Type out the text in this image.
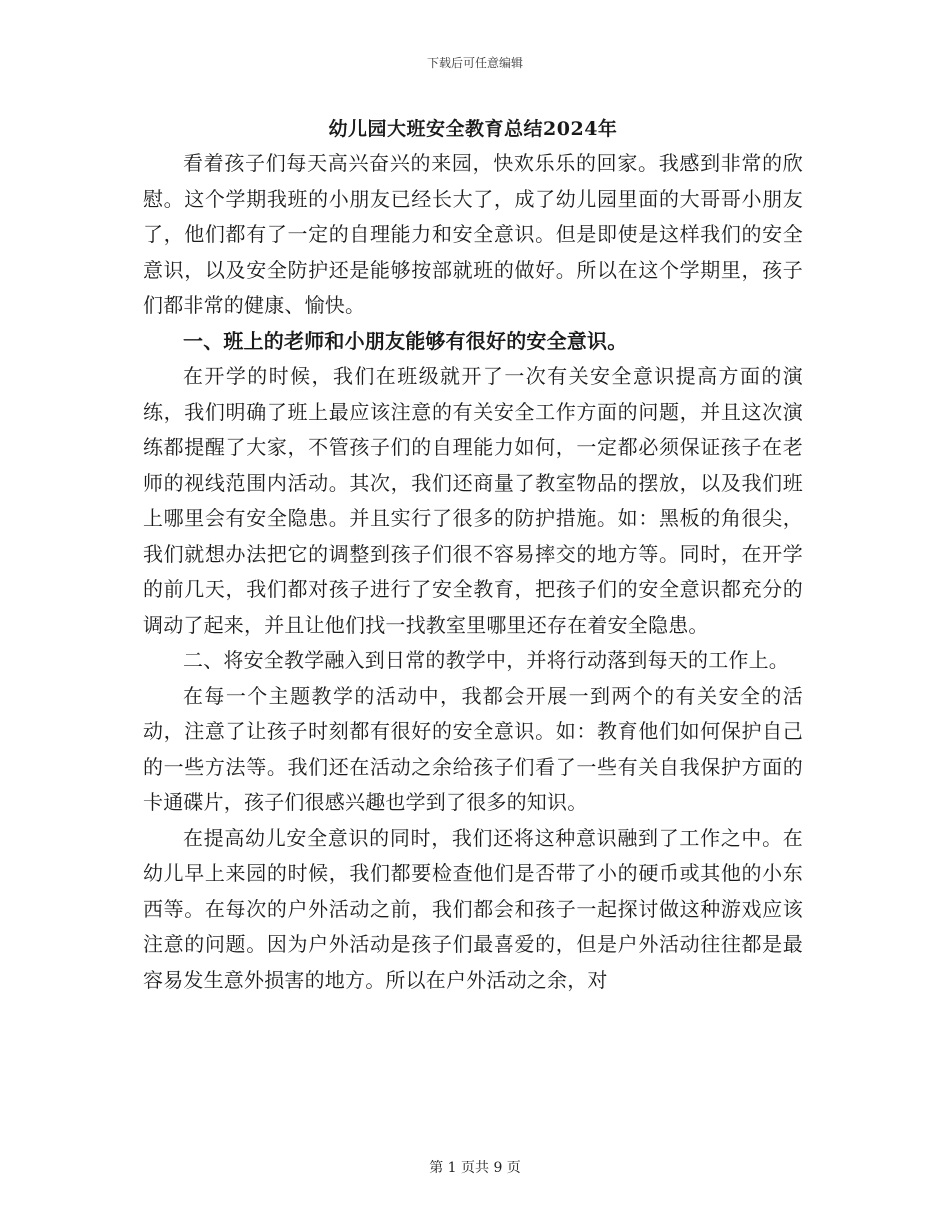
下载后可任意编辑
幼儿园大班安全教育总结2024年

看着孩子们每天高兴奋兴的来园，快欢乐乐的回家。我感到非常的欣慰。这个学期我班的小朋友已经长大了，成了幼儿园里面的大哥哥小朋友了，他们都有了一定的自理能力和安全意识。但是即使是这样我们的安全意识，以及安全防护还是能够按部就班的做好。所以在这个学期里，孩子们都非常的健康、愉快。

一、班上的老师和小朋友能够有很好的安全意识。

在开学的时候，我们在班级就开了一次有关安全意识提高方面的演练，我们明确了班上最应该注意的有关安全工作方面的问题，并且这次演练都提醒了大家，不管孩子们的自理能力如何，一定都必须保证孩子在老师的视线范围内活动。其次，我们还商量了教室物品的摆放，以及我们班上哪里会有安全隐患。并且实行了很多的防护措施。如：黑板的角很尖，我们就想办法把它的调整到孩子们很不容易摔交的地方等。同时，在开学的前几天，我们都对孩子进行了安全教育，把孩子们的安全意识都充分的调动了起来，并且让他们找一找教室里哪里还存在着安全隐患。

二、将安全教学融入到日常的教学中，并将行动落到每天的工作上。

在每一个主题教学的活动中，我都会开展一到两个的有关安全的活动，注意了让孩子时刻都有很好的安全意识。如：教育他们如何保护自己的一些方法等。我们还在活动之余给孩子们看了一些有关自我保护方面的卡通碟片，孩子们很感兴趣也学到了很多的知识。

在提高幼儿安全意识的同时，我们还将这种意识融到了工作之中。在幼儿早上来园的时候，我们都要检查他们是否带了小的硬币或其他的小东西等。在每次的户外活动之前，我们都会和孩子一起探讨做这种游戏应该注意的问题。因为户外活动是孩子们最喜爱的，但是户外活动往往都是最容易发生意外损害的地方。所以在户外活动之余，对

第 1 页共 9 页
